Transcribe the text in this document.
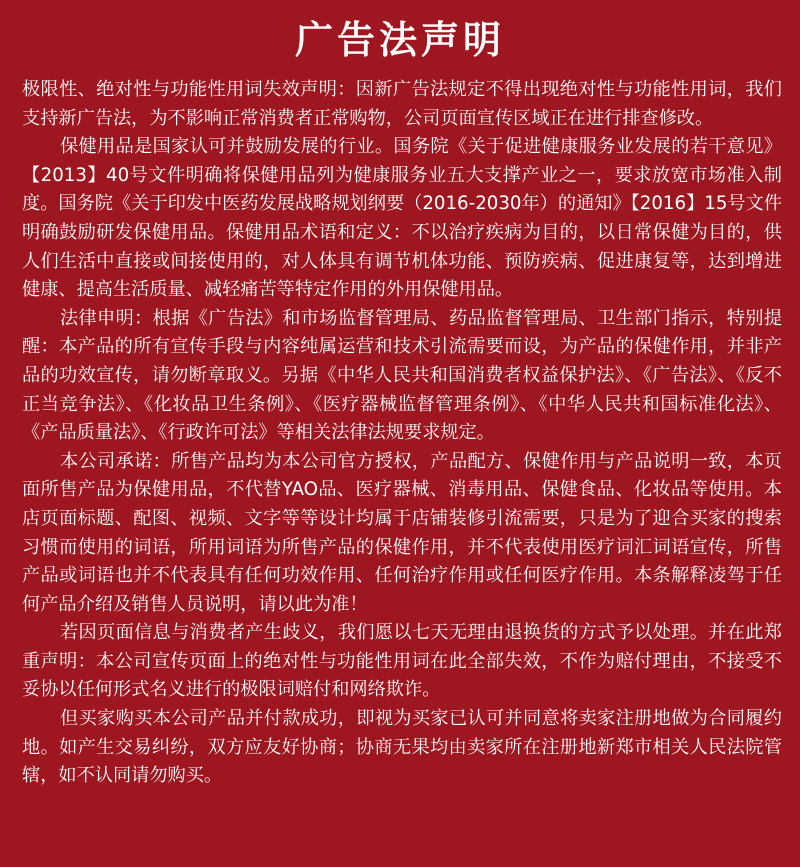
广告法声明

极限性、绝对性与功能性用词失效声明：因新广告法规定不得出现绝对性与功能性用词，我们支持新广告法，为不影响正常消费者正常购物，公司页面宣传区域正在进行排查修改。

保健用品是国家认可并鼓励发展的行业。国务院《关于促进健康服务业发展的若干意见》【2013】40号文件明确将保健用品列为健康服务业五大支撑产业之一，要求放宽市场准入制度。国务院《关于印发中医药发展战略规划纲要（2016-2030年）的通知》【2016】15号文件明确鼓励研发保健用品。保健用品术语和定义：不以治疗疾病为目的，以日常保健为目的，供人们生活中直接或间接使用的，对人体具有调节机体功能、预防疾病、促进康复等，达到增进健康、提高生活质量、减轻痛苦等特定作用的外用保健用品。

法律申明：根据《广告法》和市场监督管理局、药品监督管理局、卫生部门指示，特别提醒：本产品的所有宣传手段与内容纯属运营和技术引流需要而设，为产品的保健作用，并非产品的功效宣传，请勿断章取义。另据《中华人民共和国消费者权益保护法》、《广告法》、《反不正当竞争法》、《化妆品卫生条例》、《医疗器械监督管理条例》、《中华人民共和国标准化法》、《产品质量法》、《行政许可法》等相关法律法规要求规定。

本公司承诺：所售产品均为本公司官方授权，产品配方、保健作用与产品说明一致，本页面所售产品为保健用品，不代替YAO品、医疗器械、消毒用品、保健食品、化妆品等使用。本店页面标题、配图、视频、文字等等设计均属于店铺装修引流需要，只是为了迎合买家的搜索习惯而使用的词语，所用词语为所售产品的保健作用，并不代表使用医疗词汇词语宣传，所售产品或词语也并不代表具有任何功效作用、任何治疗作用或任何医疗作用。本条解释凌驾于任何产品介绍及销售人员说明，请以此为准！

若因页面信息与消费者产生歧义，我们愿以七天无理由退换货的方式予以处理。并在此郑重声明：本公司宣传页面上的绝对性与功能性用词在此全部失效，不作为赔付理由，不接受不妥协以任何形式名义进行的极限词赔付和网络欺诈。

但买家购买本公司产品并付款成功，即视为买家已认可并同意将卖家注册地做为合同履约地。如产生交易纠纷，双方应友好协商；协商无果均由卖家所在注册地新郑市相关人民法院管辖，如不认同请勿购买。
